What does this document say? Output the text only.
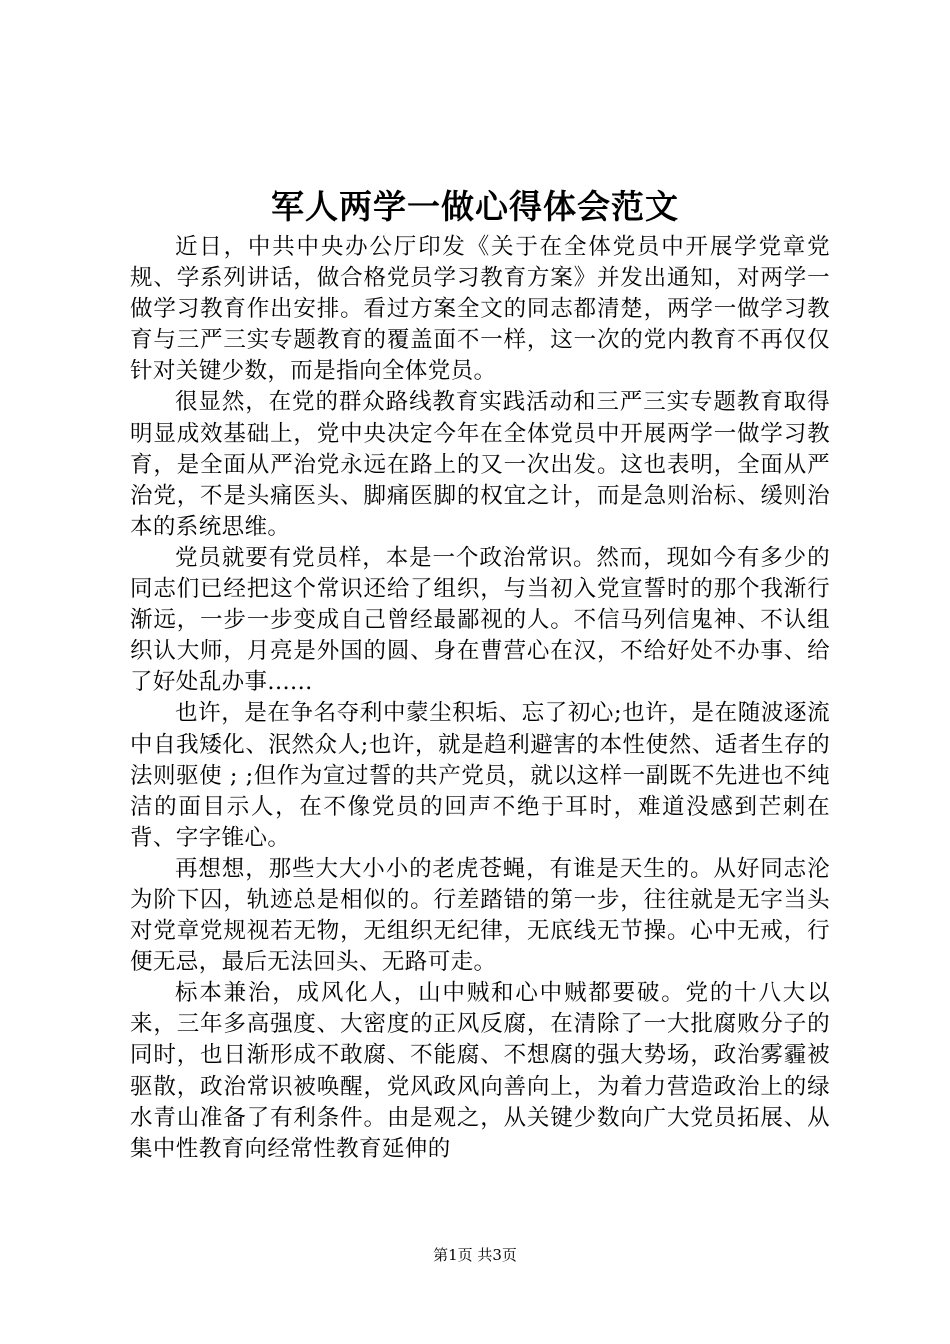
军人两学一做心得体会范文

近日，中共中央办公厅印发《关于在全体党员中开展学党章党规、学系列讲话，做合格党员学习教育方案》并发出通知，对两学一做学习教育作出安排。看过方案全文的同志都清楚，两学一做学习教育与三严三实专题教育的覆盖面不一样，这一次的党内教育不再仅仅针对关键少数，而是指向全体党员。

很显然，在党的群众路线教育实践活动和三严三实专题教育取得明显成效基础上，党中央决定今年在全体党员中开展两学一做学习教育，是全面从严治党永远在路上的又一次出发。这也表明，全面从严治党，不是头痛医头、脚痛医脚的权宜之计，而是急则治标、缓则治本的系统思维。

党员就要有党员样，本是一个政治常识。然而，现如今有多少的同志们已经把这个常识还给了组织，与当初入党宣誓时的那个我渐行渐远，一步一步变成自己曾经最鄙视的人。不信马列信鬼神、不认组织认大师，月亮是外国的圆、身在曹营心在汉，不给好处不办事、给了好处乱办事......

也许，是在争名夺利中蒙尘积垢、忘了初心;也许，是在随波逐流中自我矮化、泯然众人;也许，就是趋利避害的本性使然、适者生存的法则驱使 ; ;但作为宣过誓的共产党员，就以这样一副既不先进也不纯洁的面目示人，在不像党员的回声不绝于耳时，难道没感到芒刺在背、字字锥心。

再想想，那些大大小小的老虎苍蝇，有谁是天生的。从好同志沦为阶下囚，轨迹总是相似的。行差踏错的第一步，往往就是无字当头对党章党规视若无物，无组织无纪律，无底线无节操。心中无戒，行便无忌，最后无法回头、无路可走。

标本兼治，成风化人，山中贼和心中贼都要破。党的十八大以来，三年多高强度、大密度的正风反腐，在清除了一大批腐败分子的同时，也日渐形成不敢腐、不能腐、不想腐的强大势场，政治雾霾被驱散，政治常识被唤醒，党风政风向善向上，为着力营造政治上的绿水青山准备了有利条件。由是观之，从关键少数向广大党员拓展、从集中性教育向经常性教育延伸的

第1页 共3页
